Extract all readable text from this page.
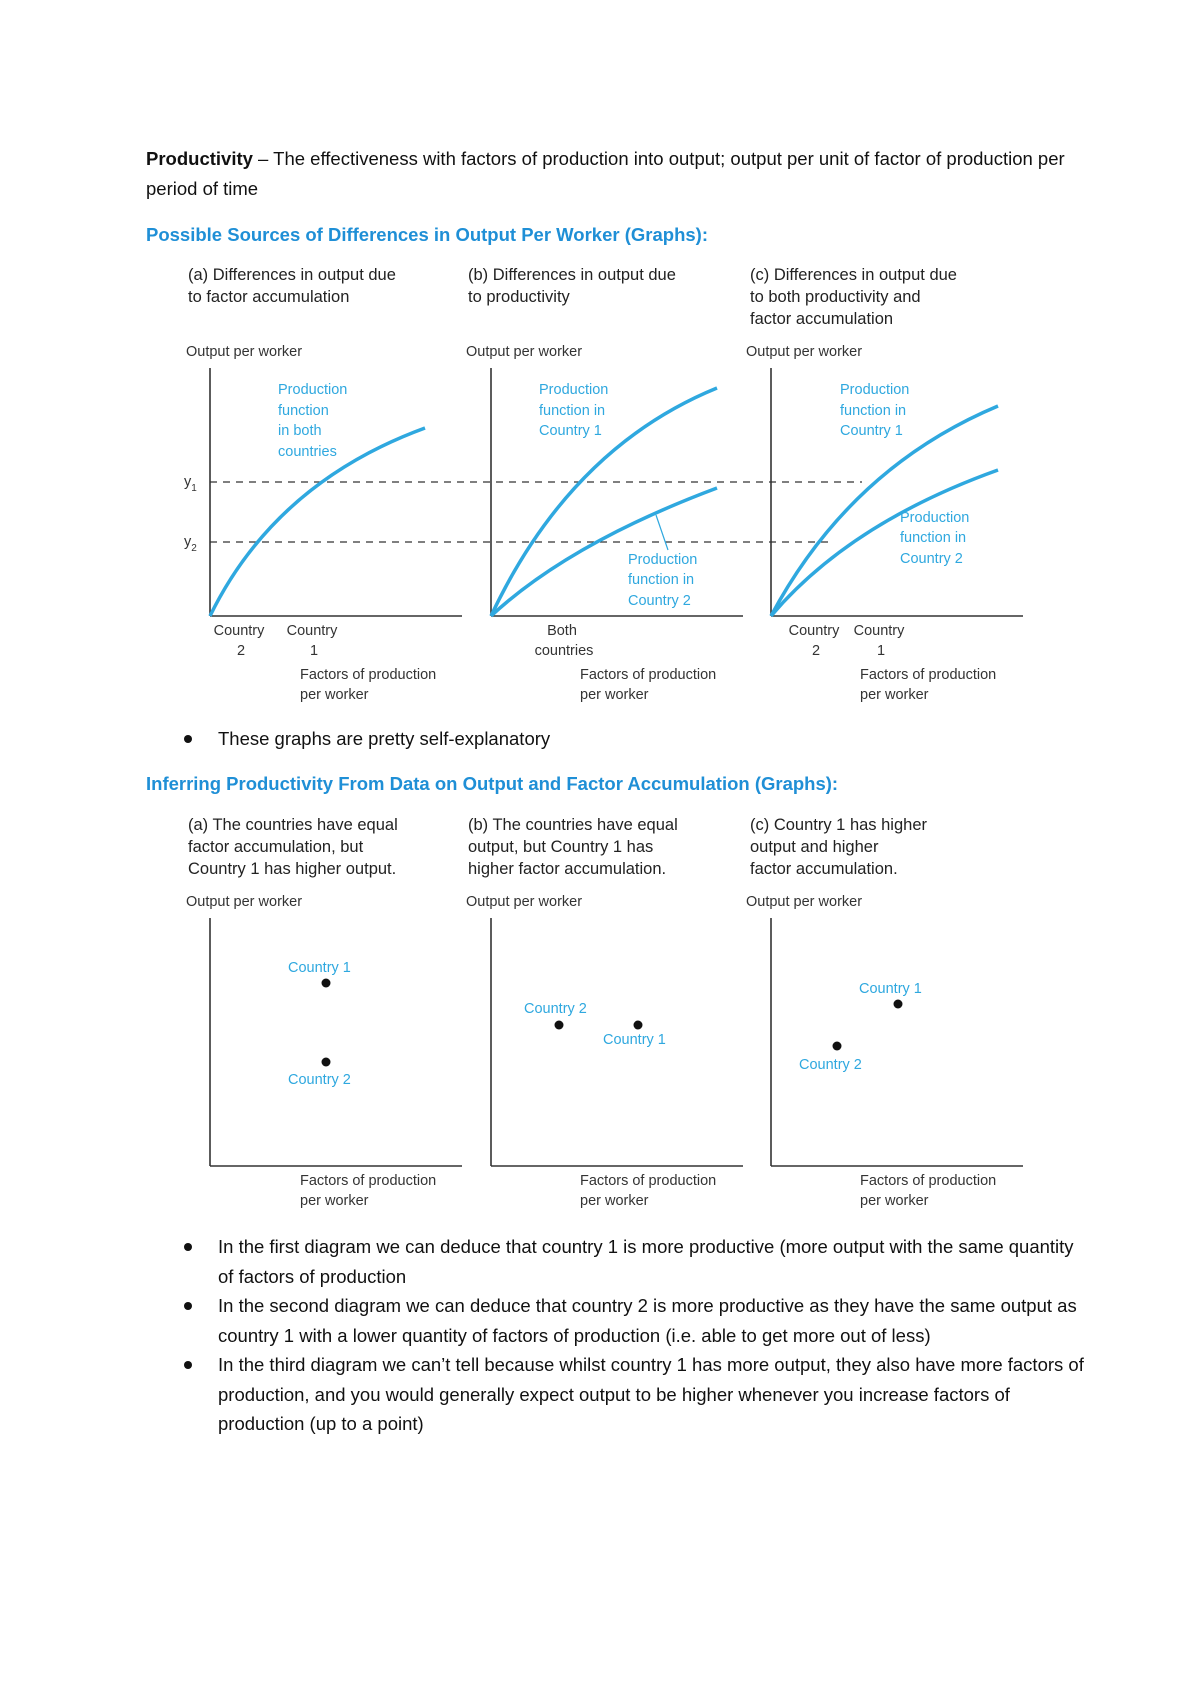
Productivity – The effectiveness with factors of production into output; output per unit of factor of production per period of time
Possible Sources of Differences in Output Per Worker (Graphs):
(a) Differences in output due to factor accumulation
(b) Differences in output due to productivity
(c) Differences in output due to both productivity and factor accumulation
Output per worker	Output per worker	Output per worker
$y_1$
$y_2$
Production function in both countries
Production function in Country 1
Production function in Country 2
Production function in Country 1
Production function in Country 2
Country 2
Country 1
Both countries
Country 2
Country 1
Factors of production per worker
Factors of production per worker
Factors of production per worker
These graphs are pretty self-explanatory
Inferring Productivity From Data on Output and Factor Accumulation (Graphs):
(a) The countries have equal factor accumulation, but Country 1 has higher output.
(b) The countries have equal output, but Country 1 has higher factor accumulation.
(c) Country 1 has higher output and higher factor accumulation.
Output per worker	Output per worker	Output per worker
Country 1
Country 2
Country 2
Country 1
Country 1
Country 2
Factors of production per worker
Factors of production per worker
Factors of production per worker
In the first diagram we can deduce that country 1 is more productive (more output with the same quantity of factors of production
In the second diagram we can deduce that country 2 is more productive as they have the same output as country 1 with a lower quantity of factors of production (i.e. able to get more out of less)
In the third diagram we can’t tell because whilst country 1 has more output, they also have more factors of production, and you would generally expect output to be higher whenever you increase factors of production (up to a point)
